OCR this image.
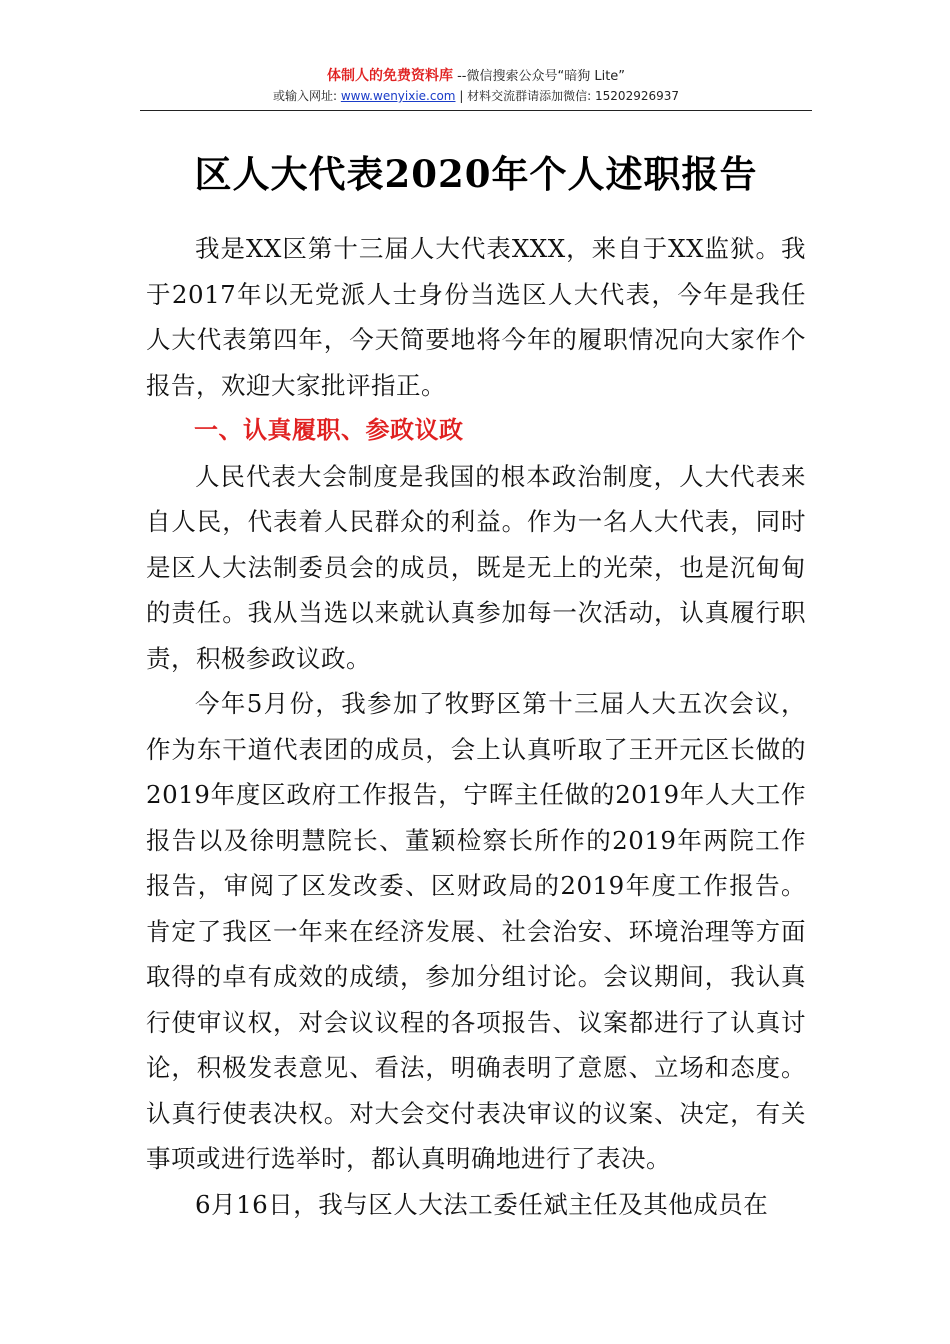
体制人的免费资料库 --微信搜索公众号“暗狗 Lite”
或输入网址: www.wenyixie.com | 材料交流群请添加微信: 15202926937
区人大代表2020年个人述职报告

我是XX区第十三届人大代表XXX，来自于XX监狱。我于2017年以无党派人士身份当选区人大代表，今年是我任人大代表第四年，今天简要地将今年的履职情况向大家作个报告，欢迎大家批评指正。

一、认真履职、参政议政

人民代表大会制度是我国的根本政治制度，人大代表来自人民，代表着人民群众的利益。作为一名人大代表，同时是区人大法制委员会的成员，既是无上的光荣，也是沉甸甸的责任。我从当选以来就认真参加每一次活动，认真履行职责，积极参政议政。

今年5月份，我参加了牧野区第十三届人大五次会议，作为东干道代表团的成员，会上认真听取了王开元区长做的2019年度区政府工作报告，宁晖主任做的2019年人大工作报告以及徐明慧院长、董颖检察长所作的2019年两院工作报告，审阅了区发改委、区财政局的2019年度工作报告。肯定了我区一年来在经济发展、社会治安、环境治理等方面取得的卓有成效的成绩，参加分组讨论。会议期间，我认真行使审议权，对会议议程的各项报告、议案都进行了认真讨论，积极发表意见、看法，明确表明了意愿、立场和态度。认真行使表决权。对大会交付表决审议的议案、决定，有关事项或进行选举时，都认真明确地进行了表决。

6月16日，我与区人大法工委任斌主任及其他成员在
